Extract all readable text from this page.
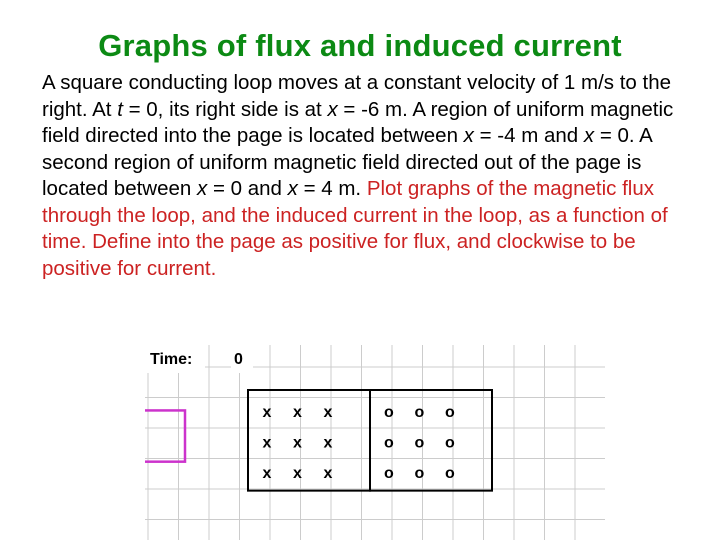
Graphs of flux and induced current

A square conducting loop moves at a constant velocity of 1 m/s to the right. At t = 0, its right side is at x = -6 m. A region of uniform magnetic field directed into the page is located between x = -4 m and x = 0. A second region of uniform magnetic field directed out of the page is located between x = 0 and x = 4 m. Plot graphs of the magnetic flux through the loop, and the induced current in the loop, as a function of time. Define into the page as positive for flux, and clockwise to be positive for current.

Time:	0
x x x
x x x
x x x
o o o
o o o
o o o
